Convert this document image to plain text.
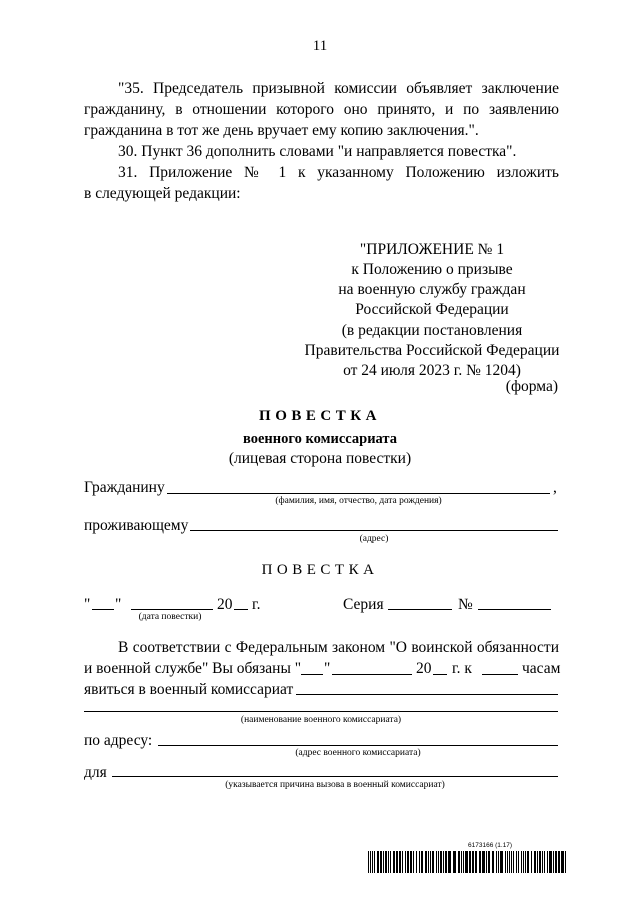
11
"35. Председатель призывной комиссии объявляет заключение
гражданину, в отношении которого оно принято, и по заявлению
гражданина в тот же день вручает ему копию заключения.".
30. Пункт 36 дополнить словами "и направляется повестка".
31. Приложение № 1 к указанному Положению изложить
в следующей редакции:
"ПРИЛОЖЕНИЕ № 1
к Положению о призыве
на военную службу граждан
Российской Федерации
(в редакции постановления
Правительства Российской Федерации
от 24 июля 2023 г. № 1204)
(форма)
ПОВЕСТКА
военного комиссариата
(лицевая сторона повестки)
Гражданину	,
(фамилия, имя, отчество, дата рождения)
проживающему
(адрес)
ПОВЕСТКА
" "	20 г.
(дата повестки)
Серия	№
В соответствии с Федеральным законом "О воинской обязанности
и военной службе" Вы обязаны " "	20 г. к	часам
явиться в военный комиссариат
(наименование военного комиссариата)
по адресу:
(адрес военного комиссариата)
для
(указывается причина вызова в военный комиссариат)
6173166 (1.17)
